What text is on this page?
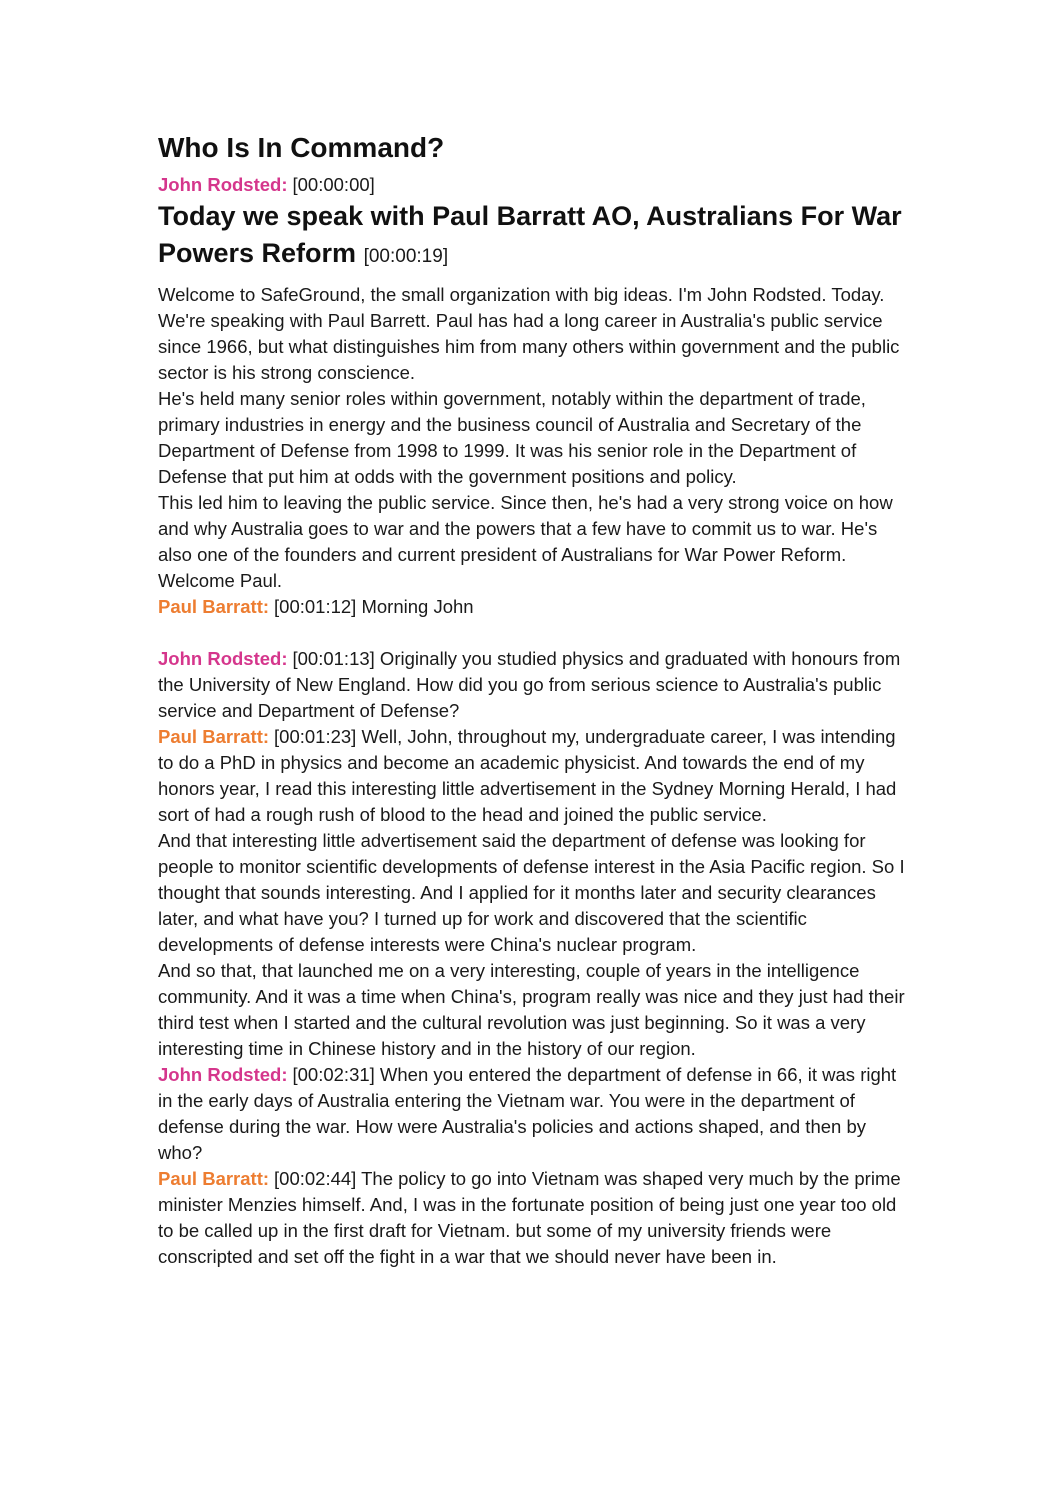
Who Is In Command?

John Rodsted: [00:00:00]

Today we speak with Paul Barratt AO, Australians For War Powers Reform [00:00:19]

Welcome to SafeGround, the small organization with big ideas. I'm John Rodsted. Today. We're speaking with Paul Barrett. Paul has had a long career in Australia's public service since 1966, but what distinguishes him from many others within government and the public sector is his strong conscience.

He's held many senior roles within government, notably within the department of trade, primary industries in energy and the business council of Australia and Secretary of the Department of Defense from 1998 to 1999. It was his senior role in the Department of Defense that put him at odds with the government positions and policy.

This led him to leaving the public service. Since then, he's had a very strong voice on how and why Australia goes to war and the powers that a few have to commit us to war. He's also one of the founders and current president of Australians for War Power Reform. Welcome Paul.

Paul Barratt: [00:01:12] Morning John

John Rodsted: [00:01:13] Originally you studied physics and graduated with honours from the University of New England. How did you go from serious science to Australia's public service and Department of Defense?

Paul Barratt: [00:01:23] Well, John, throughout my, undergraduate career, I was intending to do a PhD in physics and become an academic physicist. And towards the end of my honors year, I read this interesting little advertisement in the Sydney Morning Herald, I had sort of had a rough rush of blood to the head and joined the public service.

And that interesting little advertisement said the department of defense was looking for people to monitor scientific developments of defense interest in the Asia Pacific region. So I thought that sounds interesting. And I applied for it months later and security clearances later, and what have you? I turned up for work and discovered that the scientific developments of defense interests were China's nuclear program.

And so that, that launched me on a very interesting, couple of years in the intelligence community. And it was a time when China's, program really was nice and they just had their third test when I started and the cultural revolution was just beginning. So it was a very interesting time in Chinese history and in the history of our region.

John Rodsted: [00:02:31] When you entered the department of defense in 66, it was right in the early days of Australia entering the Vietnam war. You were in the department of defense during the war. How were Australia's policies and actions shaped, and then by who?

Paul Barratt: [00:02:44] The policy to go into Vietnam was shaped very much by the prime minister Menzies himself. And, I was in the fortunate position of being just one year too old to be called up in the first draft for Vietnam. but some of my university friends were conscripted and set off the fight in a war that we should never have been in.
